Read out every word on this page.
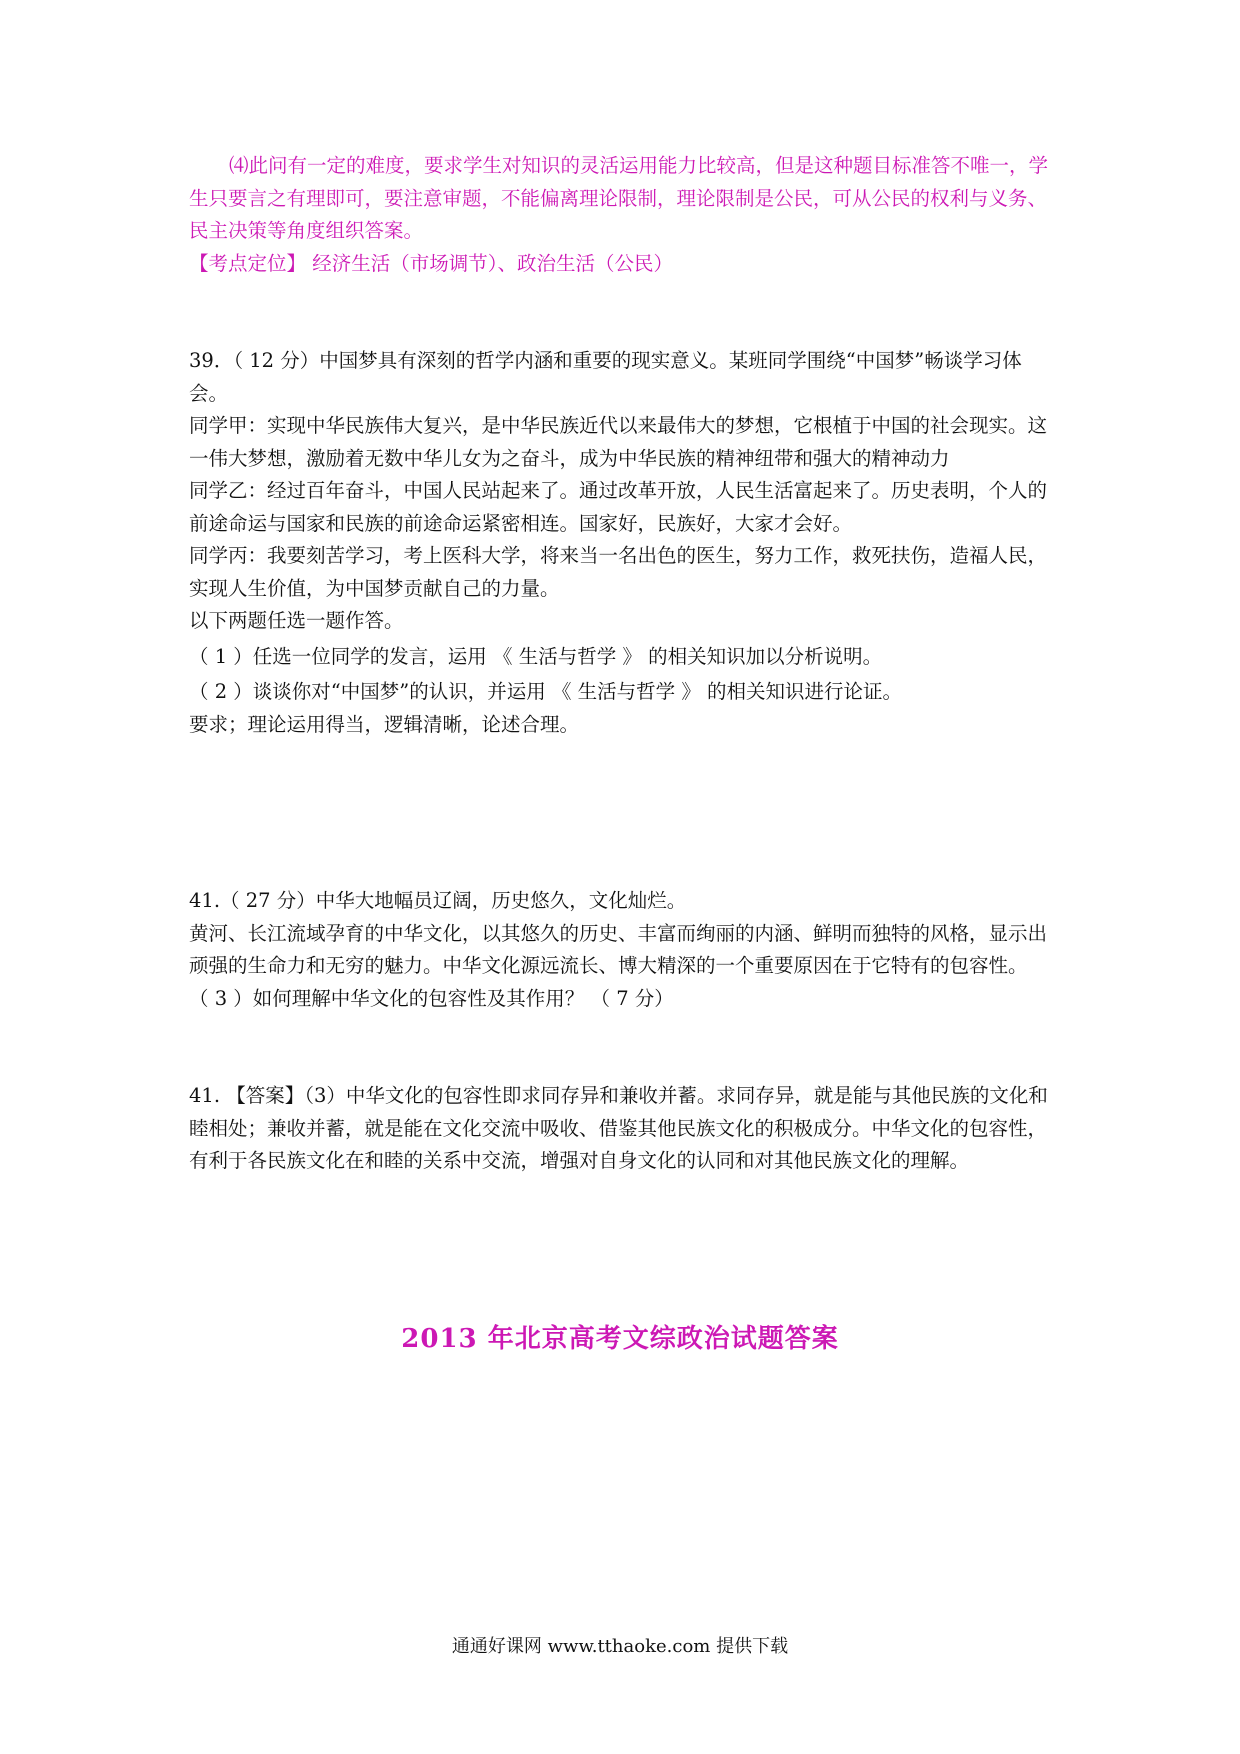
⑷此问有一定的难度，要求学生对知识的灵活运用能力比较高，但是这种题目标准答不唯一，学生只要言之有理即可，要注意审题，不能偏离理论限制，理论限制是公民，可从公民的权利与义务、民主决策等角度组织答案。

【考点定位】 经济生活（市场调节）、政治生活（公民）

39．（ 12 分）中国梦具有深刻的哲学内涵和重要的现实意义。某班同学围绕“中国梦”畅谈学习体会。

同学甲：实现中华民族伟大复兴，是中华民族近代以来最伟大的梦想，它根植于中国的社会现实。这一伟大梦想，激励着无数中华儿女为之奋斗，成为中华民族的精神纽带和强大的精神动力

同学乙：经过百年奋斗，中国人民站起来了。通过改革开放，人民生活富起来了。历史表明，个人的前途命运与国家和民族的前途命运紧密相连。国家好，民族好，大家才会好。

同学丙：我要刻苦学习，考上医科大学，将来当一名出色的医生，努力工作，救死扶伤，造福人民，实现人生价值，为中国梦贡献自己的力量。

以下两题任选一题作答。

（ 1 ）任选一位同学的发言，运用 《 生活与哲学 》 的相关知识加以分析说明。

（ 2 ）谈谈你对“中国梦”的认识，并运用 《 生活与哲学 》 的相关知识进行论证。

要求；理论运用得当，逻辑清晰，论述合理。

41.（ 27 分）中华大地幅员辽阔，历史悠久，文化灿烂。

黄河、长江流域孕育的中华文化，以其悠久的历史、丰富而绚丽的内涵、鲜明而独特的风格，显示出顽强的生命力和无穷的魅力。中华文化源远流长、博大精深的一个重要原因在于它特有的包容性。

（ 3 ）如何理解中华文化的包容性及其作用？ （ 7 分）

41. 【答案】（3）中华文化的包容性即求同存异和兼收并蓄。求同存异，就是能与其他民族的文化和睦相处；兼收并蓄，就是能在文化交流中吸收、借鉴其他民族文化的积极成分。中华文化的包容性，有利于各民族文化在和睦的关系中交流，增强对自身文化的认同和对其他民族文化的理解。

2013 年北京高考文综政治试题答案
通通好课网 www.tthaoke.com 提供下载
